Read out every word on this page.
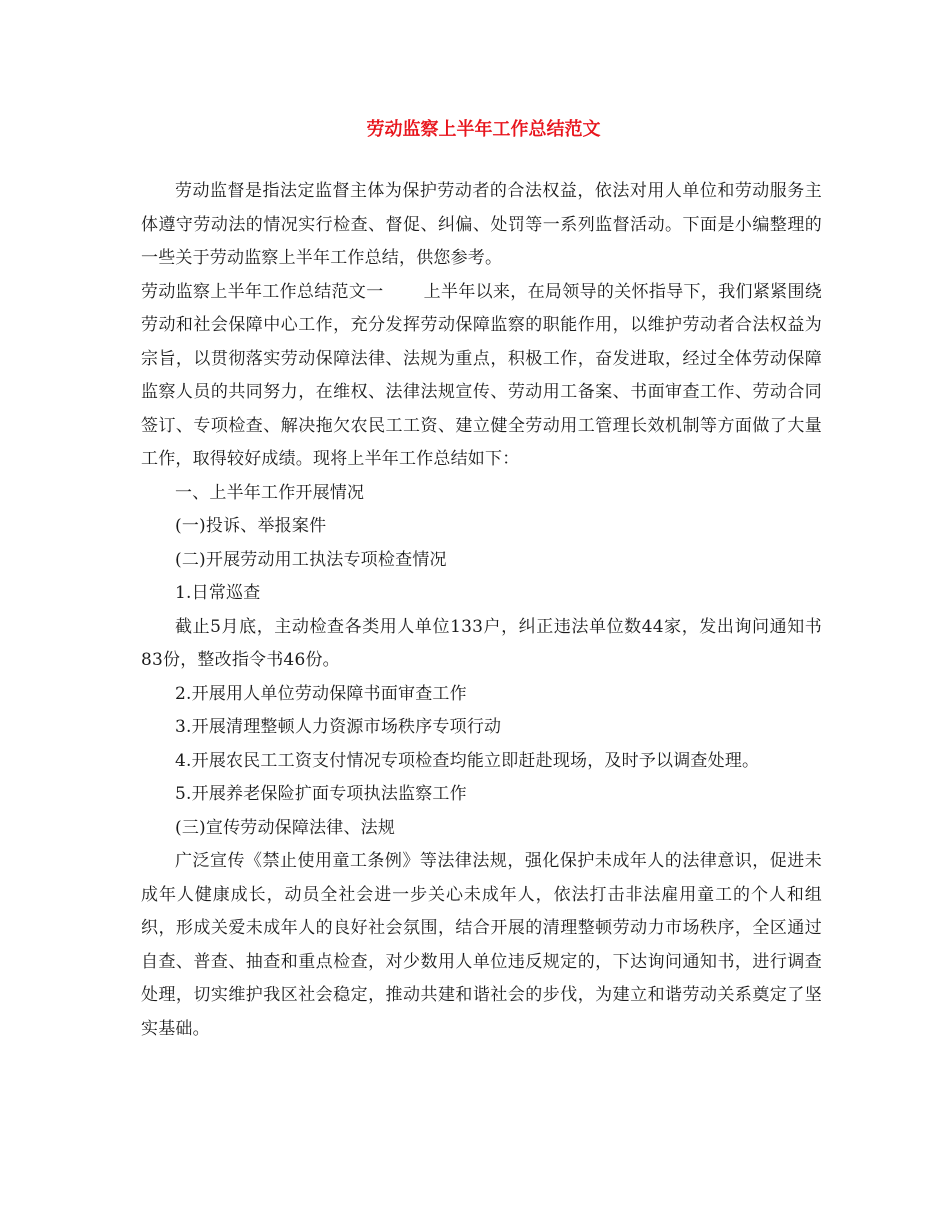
劳动监察上半年工作总结范文

劳动监督是指法定监督主体为保护劳动者的合法权益，依法对用人单位和劳动服务主体遵守劳动法的情况实行检查、督促、纠偏、处罚等一系列监督活动。下面是小编整理的一些关于劳动监察上半年工作总结，供您参考。

劳动监察上半年工作总结范文一 上半年以来，在局领导的关怀指导下，我们紧紧围绕劳动和社会保障中心工作，充分发挥劳动保障监察的职能作用，以维护劳动者合法权益为宗旨，以贯彻落实劳动保障法律、法规为重点，积极工作，奋发进取，经过全体劳动保障监察人员的共同努力，在维权、法律法规宣传、劳动用工备案、书面审查工作、劳动合同签订、专项检查、解决拖欠农民工工资、建立健全劳动用工管理长效机制等方面做了大量工作，取得较好成绩。现将上半年工作总结如下：

一、上半年工作开展情况

(一)投诉、举报案件

(二)开展劳动用工执法专项检查情况

1.日常巡查

截止5月底，主动检查各类用人单位133户，纠正违法单位数44家，发出询问通知书83份，整改指令书46份。

2.开展用人单位劳动保障书面审查工作

3.开展清理整顿人力资源市场秩序专项行动

4.开展农民工工资支付情况专项检查均能立即赶赴现场，及时予以调查处理。

5.开展养老保险扩面专项执法监察工作

(三)宣传劳动保障法律、法规

广泛宣传《禁止使用童工条例》等法律法规，强化保护未成年人的法律意识，促进未成年人健康成长，动员全社会进一步关心未成年人，依法打击非法雇用童工的个人和组织，形成关爱未成年人的良好社会氛围，结合开展的清理整顿劳动力市场秩序，全区通过自查、普查、抽查和重点检查，对少数用人单位违反规定的，下达询问通知书，进行调查处理，切实维护我区社会稳定，推动共建和谐社会的步伐，为建立和谐劳动关系奠定了坚实基础。
